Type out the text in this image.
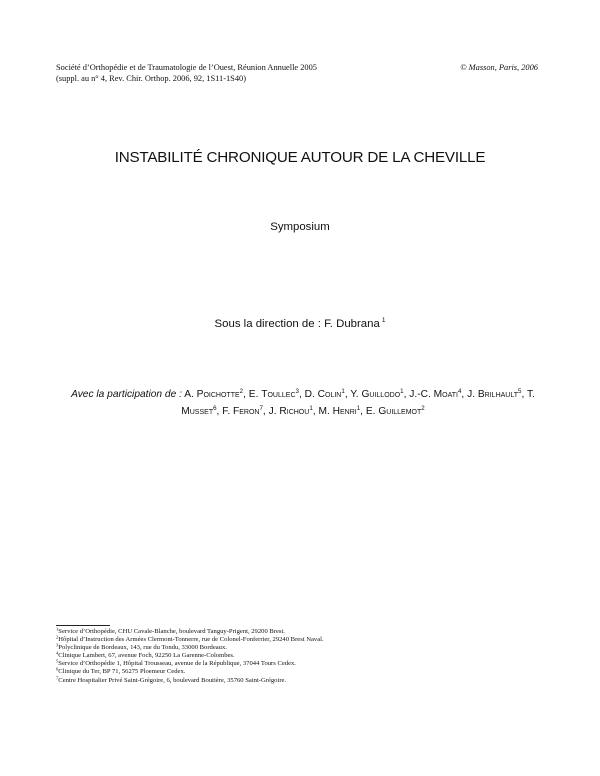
Société d’Orthopédie et de Traumatologie de l’Ouest, Réunion Annuelle 2005
(suppl. au n° 4, Rev. Chir. Orthop. 2006, 92, 1S11-1S40)
© Masson, Paris, 2006
INSTABILITÉ CHRONIQUE AUTOUR DE LA CHEVILLE
Symposium
Sous la direction de : F. Dubrana $^1$
Avec la participation de : A. Poichotte$^2$, E. Toullec$^3$, D. Colin$^1$, Y. Guillodo$^1$, J.-C. Moati$^4$, J. Brilhault$^5$, T. Musset$^6$, F. Feron$^7$, J. Richou$^1$, M. Henri$^1$, E. Guillemot$^2$
$^1$Service d’Orthopédie, CHU Cavale-Blanche, boulevard Tanguy-Prigent, 29200 Brest.
$^2$Hôpital d’Instruction des Armées Clermont-Tonnerre, rue de Colonel-Fonferrier, 29240 Brest Naval.
$^3$Polyclinique de Bordeaux, 143, rue du Tondu, 33000 Bordeaux.
$^4$Clinique Lambert, 67, avenue Foch, 92250 La Garenne-Colombes.
$^5$Service d’Orthopédie 1, Hôpital Trousseau, avenue de la République, 37044 Tours Cedex.
$^6$Clinique du Ter, BP 71, 56275 Ploemeur Cedex.
$^7$Centre Hospitalier Privé Saint-Grégoire, 6, boulevard Boutière, 35760 Saint-Grégoire.
